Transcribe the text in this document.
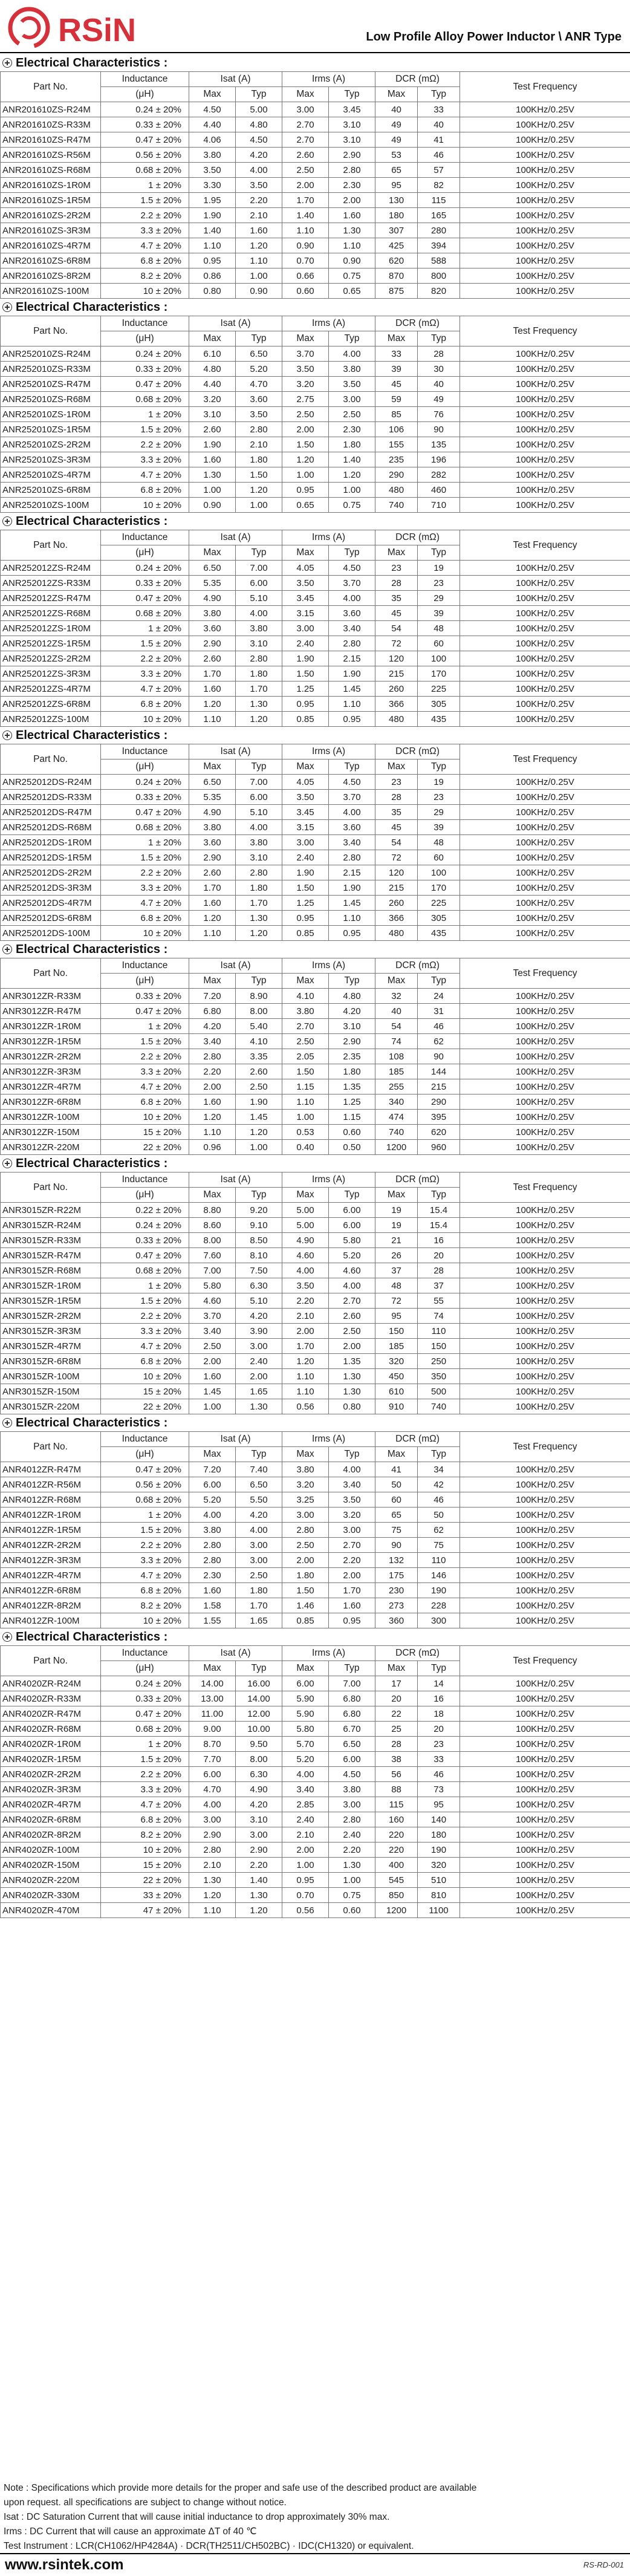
RSiN	Low Profile Alloy Power Inductor \ ANR Type
Electrical Characteristics :
Part No.	Inductance	Isat (A)		Irms (A)		DCR (mΩ)		Test Frequency
	(μH)	Max	Typ	Max	Typ	Max	Typ	
ANR201610ZS-R24M	0.24 ± 20%	4.50	5.00	3.00	3.45	40	33	100KHz/0.25V
ANR201610ZS-R33M	0.33 ± 20%	4.40	4.80	2.70	3.10	49	40	100KHz/0.25V
ANR201610ZS-R47M	0.47 ± 20%	4.06	4.50	2.70	3.10	49	41	100KHz/0.25V
ANR201610ZS-R56M	0.56 ± 20%	3.80	4.20	2.60	2.90	53	46	100KHz/0.25V
ANR201610ZS-R68M	0.68 ± 20%	3.50	4.00	2.50	2.80	65	57	100KHz/0.25V
ANR201610ZS-1R0M	1 ± 20%	3.30	3.50	2.00	2.30	95	82	100KHz/0.25V
ANR201610ZS-1R5M	1.5 ± 20%	1.95	2.20	1.70	2.00	130	115	100KHz/0.25V
ANR201610ZS-2R2M	2.2 ± 20%	1.90	2.10	1.40	1.60	180	165	100KHz/0.25V
ANR201610ZS-3R3M	3.3 ± 20%	1.40	1.60	1.10	1.30	307	280	100KHz/0.25V
ANR201610ZS-4R7M	4.7 ± 20%	1.10	1.20	0.90	1.10	425	394	100KHz/0.25V
ANR201610ZS-6R8M	6.8 ± 20%	0.95	1.10	0.70	0.90	620	588	100KHz/0.25V
ANR201610ZS-8R2M	8.2 ± 20%	0.86	1.00	0.66	0.75	870	800	100KHz/0.25V
ANR201610ZS-100M	10 ± 20%	0.80	0.90	0.60	0.65	875	820	100KHz/0.25V
Electrical Characteristics :
Part No.	Inductance	Isat (A)		Irms (A)		DCR (mΩ)		Test Frequency
	(μH)	Max	Typ	Max	Typ	Max	Typ	
ANR252010ZS-R24M	0.24 ± 20%	6.10	6.50	3.70	4.00	33	28	100KHz/0.25V
ANR252010ZS-R33M	0.33 ± 20%	4.80	5.20	3.50	3.80	39	30	100KHz/0.25V
ANR252010ZS-R47M	0.47 ± 20%	4.40	4.70	3.20	3.50	45	40	100KHz/0.25V
ANR252010ZS-R68M	0.68 ± 20%	3.20	3.60	2.75	3.00	59	49	100KHz/0.25V
ANR252010ZS-1R0M	1 ± 20%	3.10	3.50	2.50	2.50	85	76	100KHz/0.25V
ANR252010ZS-1R5M	1.5 ± 20%	2.60	2.80	2.00	2.30	106	90	100KHz/0.25V
ANR252010ZS-2R2M	2.2 ± 20%	1.90	2.10	1.50	1.80	155	135	100KHz/0.25V
ANR252010ZS-3R3M	3.3 ± 20%	1.60	1.80	1.20	1.40	235	196	100KHz/0.25V
ANR252010ZS-4R7M	4.7 ± 20%	1.30	1.50	1.00	1.20	290	282	100KHz/0.25V
ANR252010ZS-6R8M	6.8 ± 20%	1.00	1.20	0.95	1.00	480	460	100KHz/0.25V
ANR252010ZS-100M	10 ± 20%	0.90	1.00	0.65	0.75	740	710	100KHz/0.25V
Electrical Characteristics :
Part No.	Inductance	Isat (A)		Irms (A)		DCR (mΩ)		Test Frequency
	(μH)	Max	Typ	Max	Typ	Max	Typ	
ANR252012ZS-R24M	0.24 ± 20%	6.50	7.00	4.05	4.50	23	19	100KHz/0.25V
ANR252012ZS-R33M	0.33 ± 20%	5.35	6.00	3.50	3.70	28	23	100KHz/0.25V
ANR252012ZS-R47M	0.47 ± 20%	4.90	5.10	3.45	4.00	35	29	100KHz/0.25V
ANR252012ZS-R68M	0.68 ± 20%	3.80	4.00	3.15	3.60	45	39	100KHz/0.25V
ANR252012ZS-1R0M	1 ± 20%	3.60	3.80	3.00	3.40	54	48	100KHz/0.25V
ANR252012ZS-1R5M	1.5 ± 20%	2.90	3.10	2.40	2.80	72	60	100KHz/0.25V
ANR252012ZS-2R2M	2.2 ± 20%	2.60	2.80	1.90	2.15	120	100	100KHz/0.25V
ANR252012ZS-3R3M	3.3 ± 20%	1.70	1.80	1.50	1.90	215	170	100KHz/0.25V
ANR252012ZS-4R7M	4.7 ± 20%	1.60	1.70	1.25	1.45	260	225	100KHz/0.25V
ANR252012ZS-6R8M	6.8 ± 20%	1.20	1.30	0.95	1.10	366	305	100KHz/0.25V
ANR252012ZS-100M	10 ± 20%	1.10	1.20	0.85	0.95	480	435	100KHz/0.25V
Electrical Characteristics :
Part No.	Inductance	Isat (A)		Irms (A)		DCR (mΩ)		Test Frequency
	(μH)	Max	Typ	Max	Typ	Max	Typ	
ANR252012DS-R24M	0.24 ± 20%	6.50	7.00	4.05	4.50	23	19	100KHz/0.25V
ANR252012DS-R33M	0.33 ± 20%	5.35	6.00	3.50	3.70	28	23	100KHz/0.25V
ANR252012DS-R47M	0.47 ± 20%	4.90	5.10	3.45	4.00	35	29	100KHz/0.25V
ANR252012DS-R68M	0.68 ± 20%	3.80	4.00	3.15	3.60	45	39	100KHz/0.25V
ANR252012DS-1R0M	1 ± 20%	3.60	3.80	3.00	3.40	54	48	100KHz/0.25V
ANR252012DS-1R5M	1.5 ± 20%	2.90	3.10	2.40	2.80	72	60	100KHz/0.25V
ANR252012DS-2R2M	2.2 ± 20%	2.60	2.80	1.90	2.15	120	100	100KHz/0.25V
ANR252012DS-3R3M	3.3 ± 20%	1.70	1.80	1.50	1.90	215	170	100KHz/0.25V
ANR252012DS-4R7M	4.7 ± 20%	1.60	1.70	1.25	1.45	260	225	100KHz/0.25V
ANR252012DS-6R8M	6.8 ± 20%	1.20	1.30	0.95	1.10	366	305	100KHz/0.25V
ANR252012DS-100M	10 ± 20%	1.10	1.20	0.85	0.95	480	435	100KHz/0.25V
Electrical Characteristics :
Part No.	Inductance	Isat (A)		Irms (A)		DCR (mΩ)		Test Frequency
	(μH)	Max	Typ	Max	Typ	Max	Typ	
ANR3012ZR-R33M	0.33 ± 20%	7.20	8.90	4.10	4.80	32	24	100KHz/0.25V
ANR3012ZR-R47M	0.47 ± 20%	6.80	8.00	3.80	4.20	40	31	100KHz/0.25V
ANR3012ZR-1R0M	1 ± 20%	4.20	5.40	2.70	3.10	54	46	100KHz/0.25V
ANR3012ZR-1R5M	1.5 ± 20%	3.40	4.10	2.50	2.90	74	62	100KHz/0.25V
ANR3012ZR-2R2M	2.2 ± 20%	2.80	3.35	2.05	2.35	108	90	100KHz/0.25V
ANR3012ZR-3R3M	3.3 ± 20%	2.20	2.60	1.50	1.80	185	144	100KHz/0.25V
ANR3012ZR-4R7M	4.7 ± 20%	2.00	2.50	1.15	1.35	255	215	100KHz/0.25V
ANR3012ZR-6R8M	6.8 ± 20%	1.60	1.90	1.10	1.25	340	290	100KHz/0.25V
ANR3012ZR-100M	10 ± 20%	1.20	1.45	1.00	1.15	474	395	100KHz/0.25V
ANR3012ZR-150M	15 ± 20%	1.10	1.20	0.53	0.60	740	620	100KHz/0.25V
ANR3012ZR-220M	22 ± 20%	0.96	1.00	0.40	0.50	1200	960	100KHz/0.25V
Electrical Characteristics :
Part No.	Inductance	Isat (A)		Irms (A)		DCR (mΩ)		Test Frequency
	(μH)	Max	Typ	Max	Typ	Max	Typ	
ANR3015ZR-R22M	0.22 ± 20%	8.80	9.20	5.00	6.00	19	15.4	100KHz/0.25V
ANR3015ZR-R24M	0.24 ± 20%	8.60	9.10	5.00	6.00	19	15.4	100KHz/0.25V
ANR3015ZR-R33M	0.33 ± 20%	8.00	8.50	4.90	5.80	21	16	100KHz/0.25V
ANR3015ZR-R47M	0.47 ± 20%	7.60	8.10	4.60	5.20	26	20	100KHz/0.25V
ANR3015ZR-R68M	0.68 ± 20%	7.00	7.50	4.00	4.60	37	28	100KHz/0.25V
ANR3015ZR-1R0M	1 ± 20%	5.80	6.30	3.50	4.00	48	37	100KHz/0.25V
ANR3015ZR-1R5M	1.5 ± 20%	4.60	5.10	2.20	2.70	72	55	100KHz/0.25V
ANR3015ZR-2R2M	2.2 ± 20%	3.70	4.20	2.10	2.60	95	74	100KHz/0.25V
ANR3015ZR-3R3M	3.3 ± 20%	3.40	3.90	2.00	2.50	150	110	100KHz/0.25V
ANR3015ZR-4R7M	4.7 ± 20%	2.50	3.00	1.70	2.00	185	150	100KHz/0.25V
ANR3015ZR-6R8M	6.8 ± 20%	2.00	2.40	1.20	1.35	320	250	100KHz/0.25V
ANR3015ZR-100M	10 ± 20%	1.60	2.00	1.10	1.30	450	350	100KHz/0.25V
ANR3015ZR-150M	15 ± 20%	1.45	1.65	1.10	1.30	610	500	100KHz/0.25V
ANR3015ZR-220M	22 ± 20%	1.00	1.30	0.56	0.80	910	740	100KHz/0.25V
Electrical Characteristics :
Part No.	Inductance	Isat (A)		Irms (A)		DCR (mΩ)		Test Frequency
	(μH)	Max	Typ	Max	Typ	Max	Typ	
ANR4012ZR-R47M	0.47 ± 20%	7.20	7.40	3.80	4.00	41	34	100KHz/0.25V
ANR4012ZR-R56M	0.56 ± 20%	6.00	6.50	3.20	3.40	50	42	100KHz/0.25V
ANR4012ZR-R68M	0.68 ± 20%	5.20	5.50	3.25	3.50	60	46	100KHz/0.25V
ANR4012ZR-1R0M	1 ± 20%	4.00	4.20	3.00	3.20	65	50	100KHz/0.25V
ANR4012ZR-1R5M	1.5 ± 20%	3.80	4.00	2.80	3.00	75	62	100KHz/0.25V
ANR4012ZR-2R2M	2.2 ± 20%	2.80	3.00	2.50	2.70	90	75	100KHz/0.25V
ANR4012ZR-3R3M	3.3 ± 20%	2.80	3.00	2.00	2.20	132	110	100KHz/0.25V
ANR4012ZR-4R7M	4.7 ± 20%	2.30	2.50	1.80	2.00	175	146	100KHz/0.25V
ANR4012ZR-6R8M	6.8 ± 20%	1.60	1.80	1.50	1.70	230	190	100KHz/0.25V
ANR4012ZR-8R2M	8.2 ± 20%	1.58	1.70	1.46	1.60	273	228	100KHz/0.25V
ANR4012ZR-100M	10 ± 20%	1.55	1.65	0.85	0.95	360	300	100KHz/0.25V
Electrical Characteristics :
Part No.	Inductance	Isat (A)		Irms (A)		DCR (mΩ)		Test Frequency
	(μH)	Max	Typ	Max	Typ	Max	Typ	
ANR4020ZR-R24M	0.24 ± 20%	14.00	16.00	6.00	7.00	17	14	100KHz/0.25V
ANR4020ZR-R33M	0.33 ± 20%	13.00	14.00	5.90	6.80	20	16	100KHz/0.25V
ANR4020ZR-R47M	0.47 ± 20%	11.00	12.00	5.90	6.80	22	18	100KHz/0.25V
ANR4020ZR-R68M	0.68 ± 20%	9.00	10.00	5.80	6.70	25	20	100KHz/0.25V
ANR4020ZR-1R0M	1 ± 20%	8.70	9.50	5.70	6.50	28	23	100KHz/0.25V
ANR4020ZR-1R5M	1.5 ± 20%	7.70	8.00	5.20	6.00	38	33	100KHz/0.25V
ANR4020ZR-2R2M	2.2 ± 20%	6.00	6.30	4.00	4.50	56	46	100KHz/0.25V
ANR4020ZR-3R3M	3.3 ± 20%	4.70	4.90	3.40	3.80	88	73	100KHz/0.25V
ANR4020ZR-4R7M	4.7 ± 20%	4.00	4.20	2.85	3.00	115	95	100KHz/0.25V
ANR4020ZR-6R8M	6.8 ± 20%	3.00	3.10	2.40	2.80	160	140	100KHz/0.25V
ANR4020ZR-8R2M	8.2 ± 20%	2.90	3.00	2.10	2.40	220	180	100KHz/0.25V
ANR4020ZR-100M	10 ± 20%	2.80	2.90	2.00	2.20	220	190	100KHz/0.25V
ANR4020ZR-150M	15 ± 20%	2.10	2.20	1.00	1.30	400	320	100KHz/0.25V
ANR4020ZR-220M	22 ± 20%	1.30	1.40	0.95	1.00	545	510	100KHz/0.25V
ANR4020ZR-330M	33 ± 20%	1.20	1.30	0.70	0.75	850	810	100KHz/0.25V
ANR4020ZR-470M	47 ± 20%	1.10	1.20	0.56	0.60	1200	1100	100KHz/0.25V
Note : Specifications which provide more details for the proper and safe use of the described product are available
upon request. all specifications are subject to change without notice.
Isat : DC Saturation Current that will cause initial inductance to drop approximately 30% max.
Irms : DC Current that will cause an approximate ΔT of 40 ℃
Test Instrument : LCR(CH1062/HP4284A) · DCR(TH2511/CH502BC) · IDC(CH1320) or equivalent.
www.rsintek.com	RS-RD-001
